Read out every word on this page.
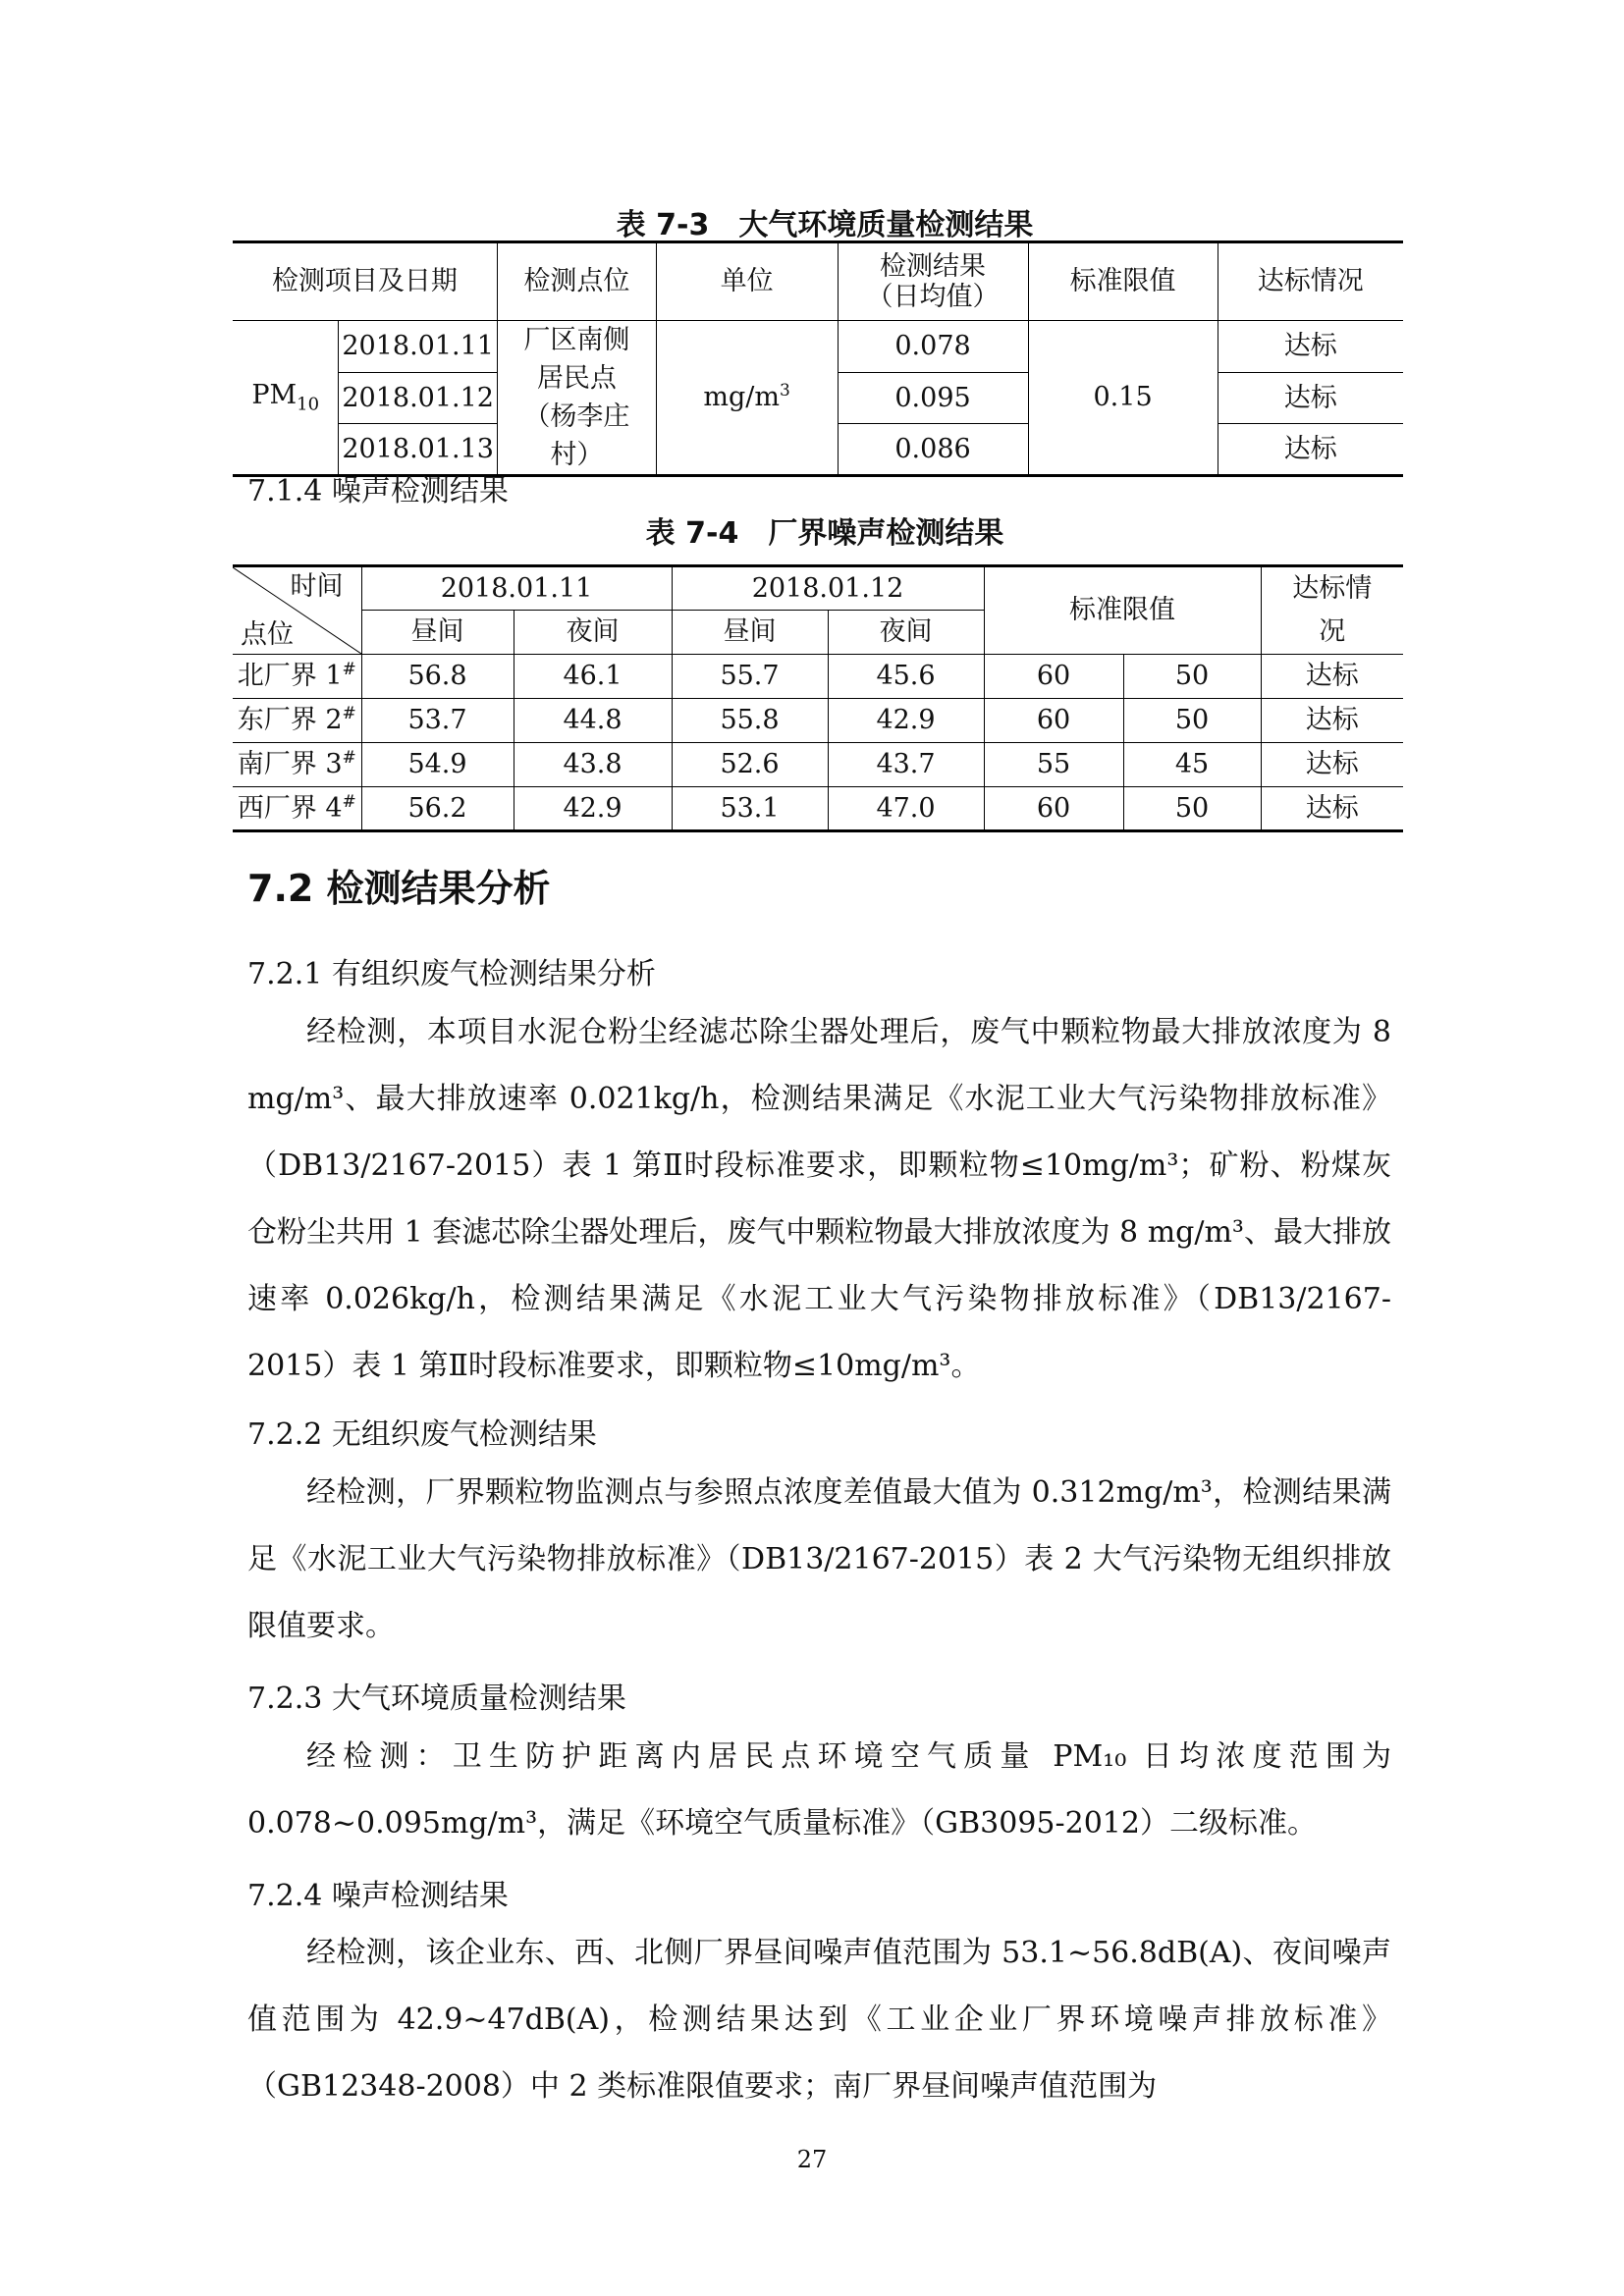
表 7-3　大气环境质量检测结果
检测项目及日期		检测点位	单位	检测结果
（日均值）	标准限值	达标情况
$PM_{10}$	2018.01.11	厂区南侧居民点（杨李庄村）	$mg/m^3$	0.078	0.15	达标
	2018.01.12			0.095		达标
	2018.01.13			0.086		达标
7.1.4 噪声检测结果
表 7-4　厂界噪声检测结果
时间
点位	2018.01.11		2018.01.12		标准限值		达标情况
	昼间	夜间	昼间	夜间			
北厂界 1#	56.8	46.1	55.7	45.6	60	50	达标
东厂界 2#	53.7	44.8	55.8	42.9	60	50	达标
南厂界 3#	54.9	43.8	52.6	43.7	55	45	达标
西厂界 4#	56.2	42.9	53.1	47.0	60	50	达标
7.2 检测结果分析
7.2.1 有组织废气检测结果分析
经检测，本项目水泥仓粉尘经滤芯除尘器处理后，废气中颗粒物最大排放浓度为 8 mg/m³、最大排放速率 0.021kg/h，检测结果满足《水泥工业大气污染物排放标准》（DB13/2167-2015）表 1 第Ⅱ时段标准要求，即颗粒物≤10mg/m³；矿粉、粉煤灰仓粉尘共用 1 套滤芯除尘器处理后，废气中颗粒物最大排放浓度为 8 mg/m³、最大排放速率 0.026kg/h，检测结果满足《水泥工业大气污染物排放标准》（DB13/2167-2015）表 1 第Ⅱ时段标准要求，即颗粒物≤10mg/m³。
7.2.2 无组织废气检测结果
经检测，厂界颗粒物监测点与参照点浓度差值最大值为 0.312mg/m³，检测结果满足《水泥工业大气污染物排放标准》（DB13/2167-2015）表 2 大气污染物无组织排放限值要求。
7.2.3 大气环境质量检测结果
经检测：卫生防护距离内居民点环境空气质量 PM₁₀ 日均浓度范围为 0.078~0.095mg/m³，满足《环境空气质量标准》（GB3095-2012）二级标准。
7.2.4 噪声检测结果
经检测，该企业东、西、北侧厂界昼间噪声值范围为 53.1~56.8dB(A)、夜间噪声值范围为 42.9~47dB(A)，检测结果达到《工业企业厂界环境噪声排放标准》（GB12348-2008）中 2 类标准限值要求；南厂界昼间噪声值范围为
27
